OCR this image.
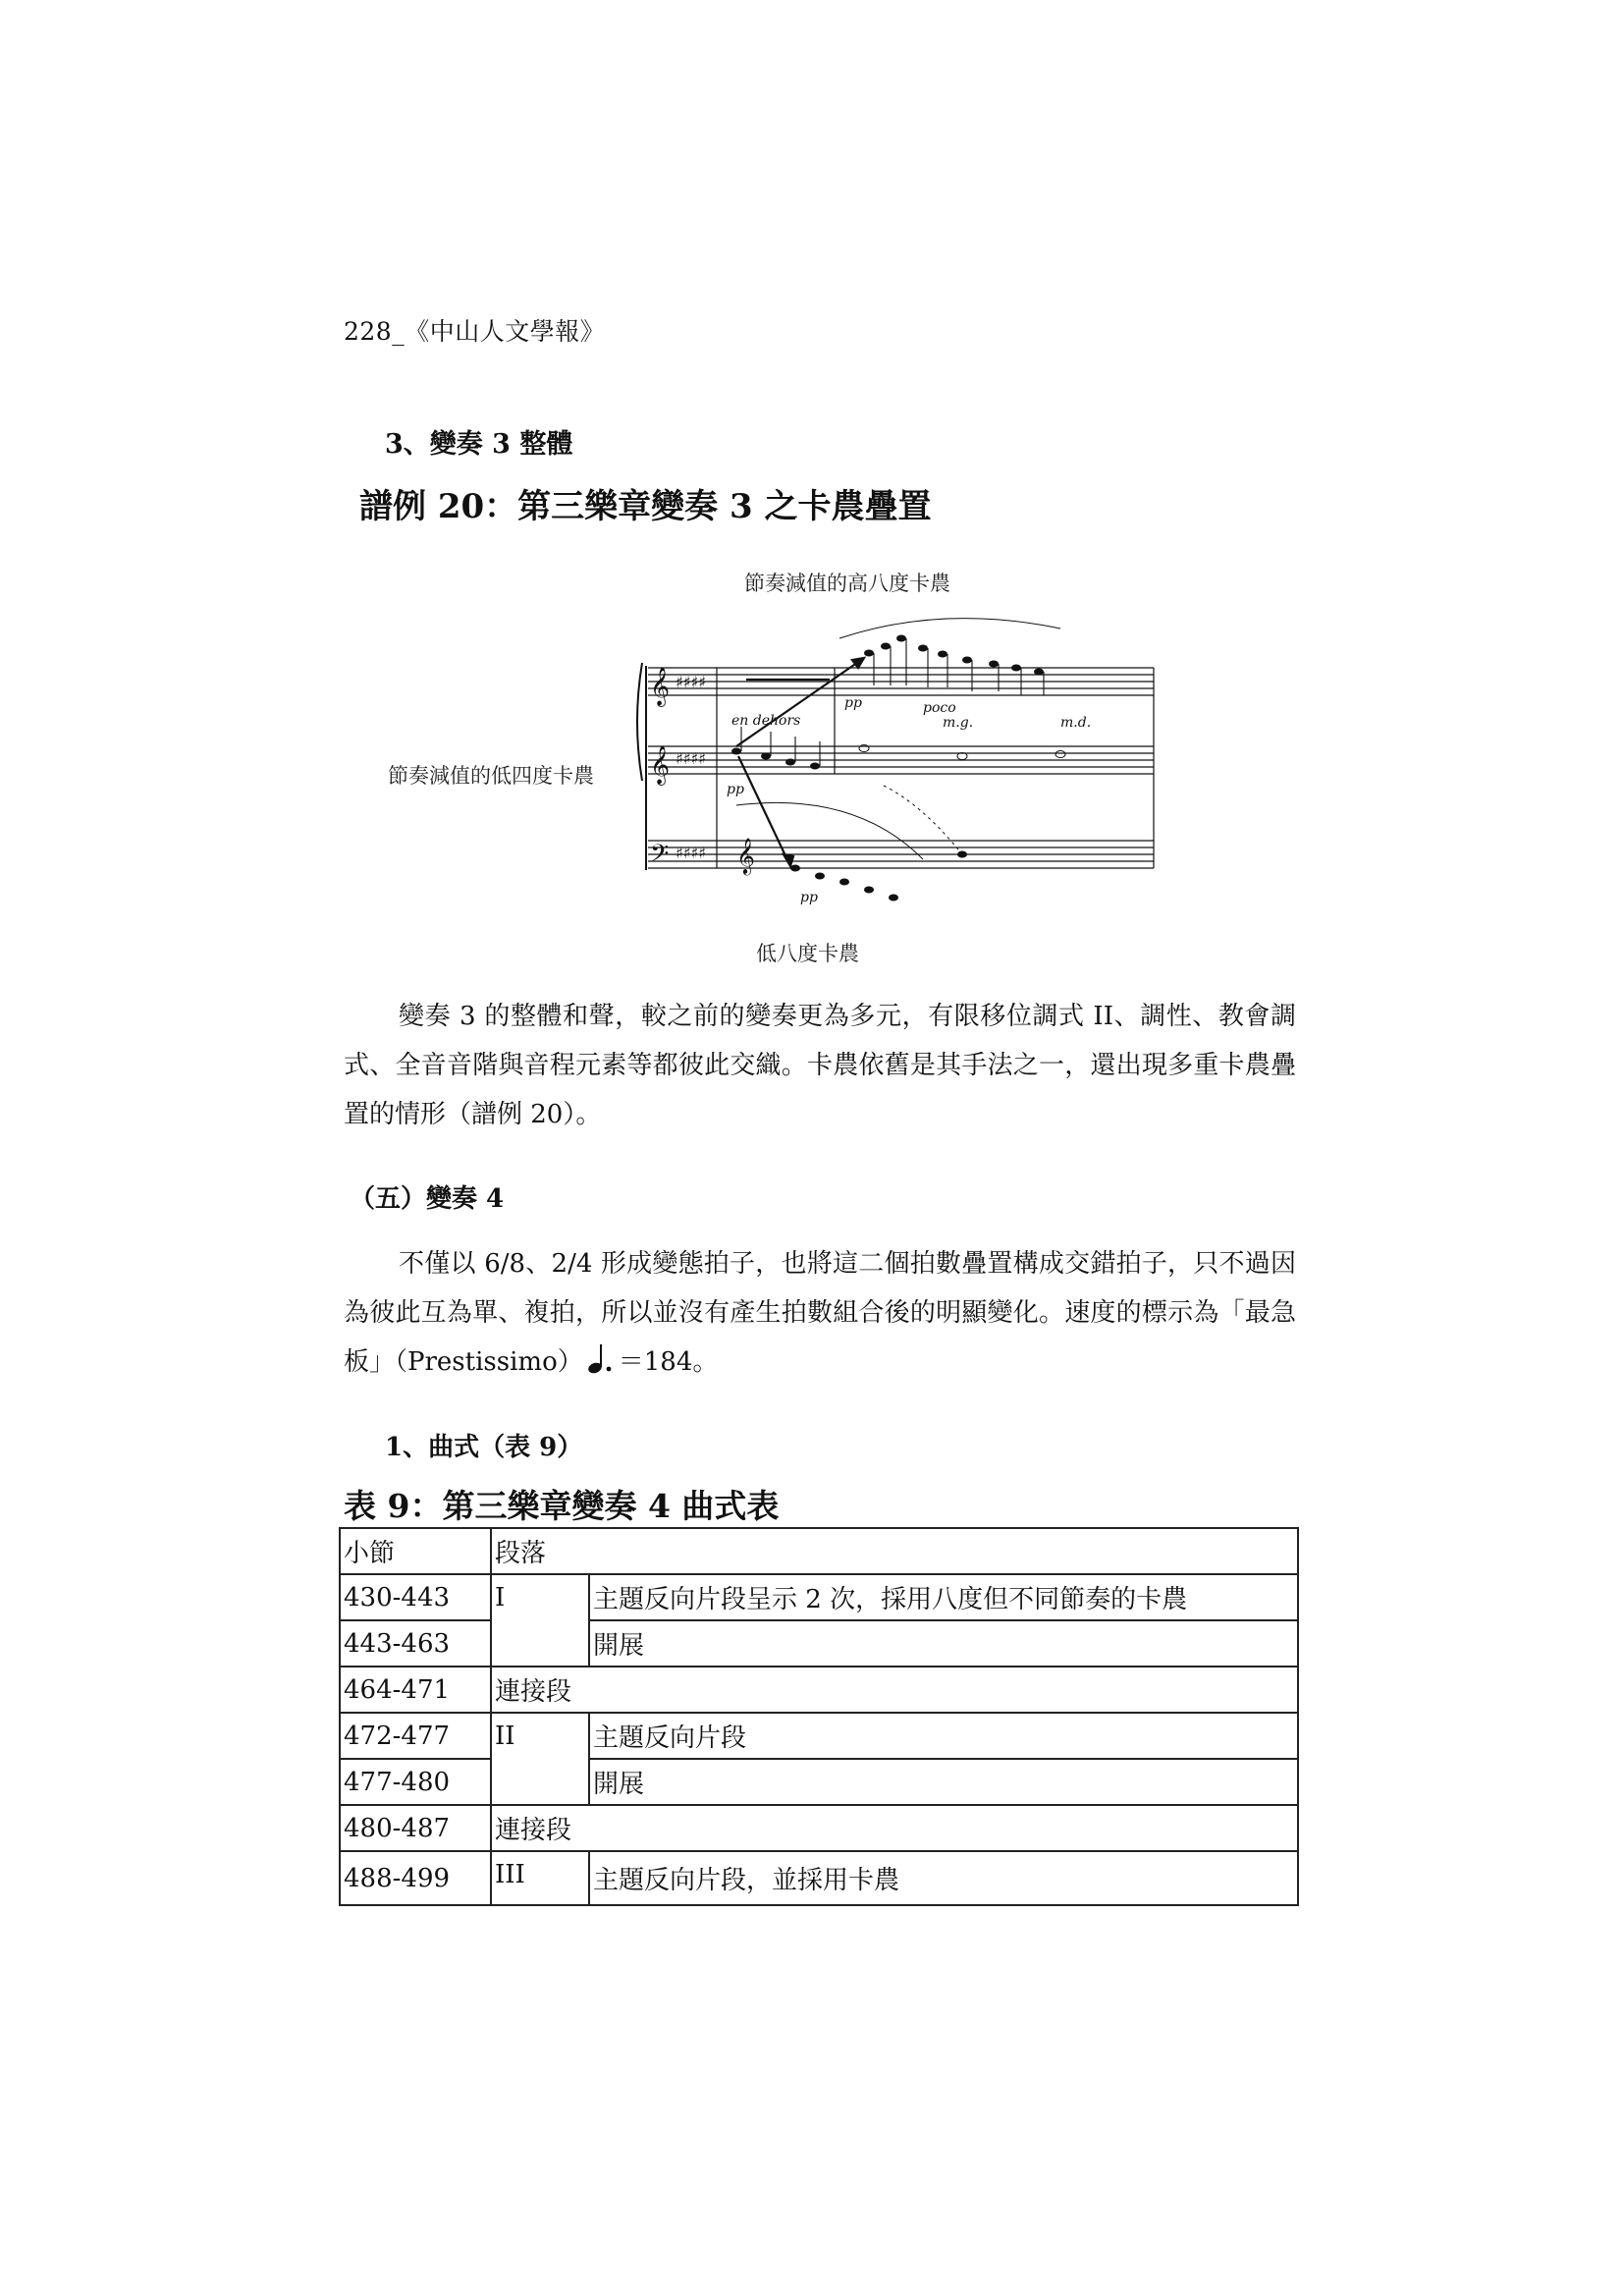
228_《中山人文學報》
3、變奏 3 整體
譜例 20：第三樂章變奏 3 之卡農疊置
節奏減值的高八度卡農
節奏減值的低四度卡農
低八度卡農
𝄞
𝄞
𝄢 𝄞
♯♯♯♯
♯♯♯♯
♯♯♯♯
en dehors
pp
pp
pp
m.g.	m.d.
poco
變奏 3 的整體和聲，較之前的變奏更為多元，有限移位調式 II、調性、教會調式、全音音階與音程元素等都彼此交織。卡農依舊是其手法之一，還出現多重卡農疊置的情形（譜例 20）。
（五）變奏 4
不僅以 6/8、2/4 形成變態拍子，也將這二個拍數疊置構成交錯拍子，只不過因為彼此互為單、複拍，所以並沒有產生拍數組合後的明顯變化。速度的標示為「最急板」（Prestissimo） ＝184。
1、曲式（表 9）
表 9：第三樂章變奏 4 曲式表
小節	段落	
430-443	I	主題反向片段呈示 2 次，採用八度但不同節奏的卡農
443-463		開展
464-471	連接段	
472-477	II	主題反向片段
477-480		開展
480-487	連接段	
488-499	III	主題反向片段，並採用卡農
